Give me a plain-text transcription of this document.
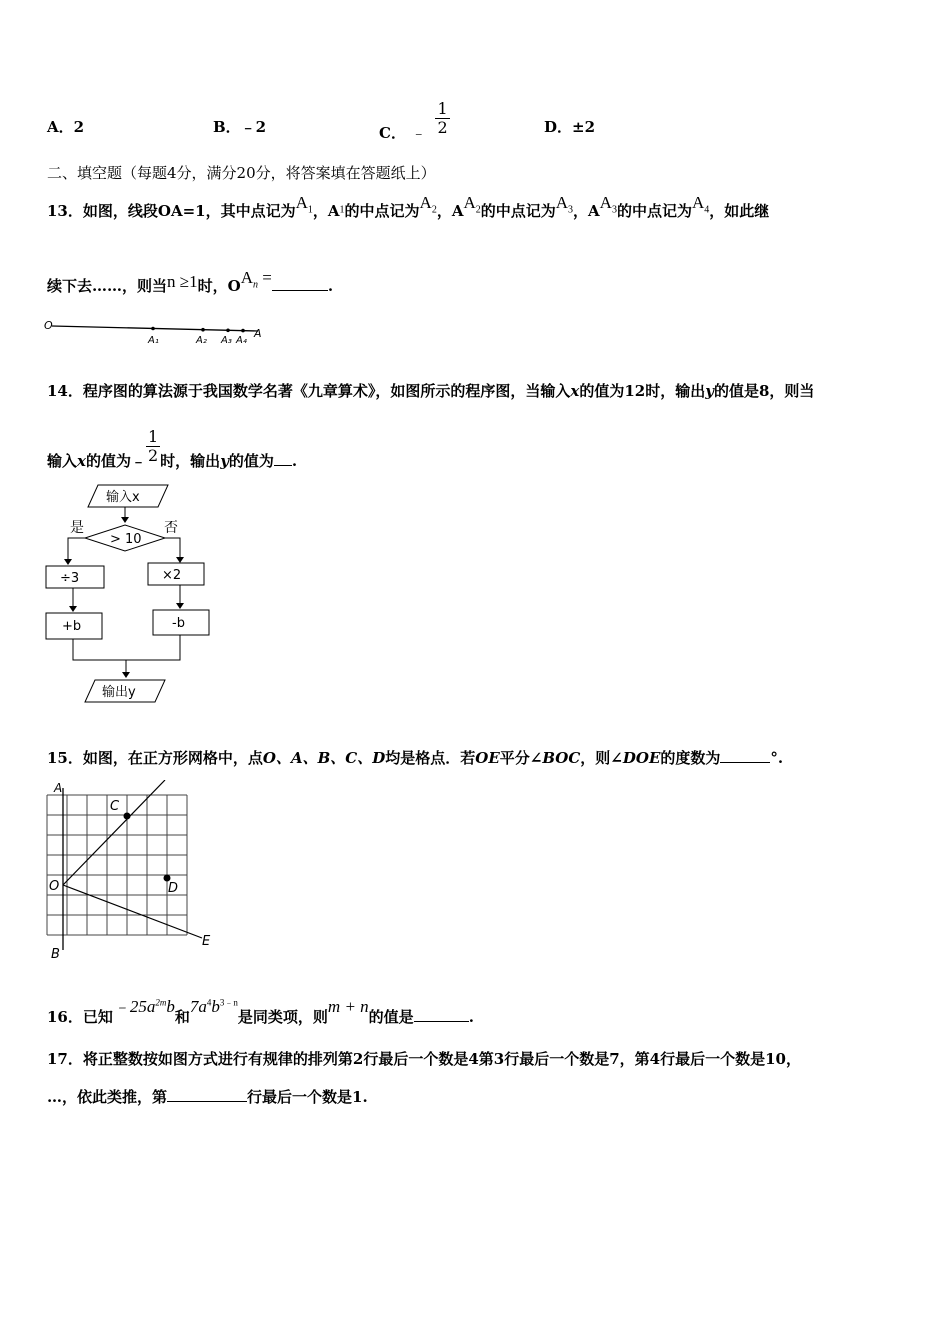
A．2	B．﹣2	C． ﹣ $\frac{1}{2}$	D．±2
二、填空题（每题4分，满分20分，将答案填在答题纸上）
13．如图，线段OA=1，其中点记为$A_1$，$A_1$的中点记为$A_2$，$AA_2$的中点记为$A_3$，$AA_3$的中点记为$A_4$，如此继
续下去……，则当n ≥1时，$OA_n$ =	.
O
A₁	A₂ A₃ A₄
A
14．程序图的算法源于我国数学名著《九章算术》，如图所示的程序图，当输入x的值为12时，输出y的值是8，则当
输入x的值为﹣ $\frac{1}{2}$ 时，输出y的值为 .
输入x
> 10
是	否
÷3	×2
+b	-b
输出y
15．如图，在正方形网格中，点O、A、B、C、D均是格点．若OE平分∠BOC，则∠DOE的度数为	°.
A
C
O	D
B
E
16．已知$﹣25a^{2m}b$和$7a^4b^{3﹣n}$是同类项，则m + n的值是	.
17．将正整数按如图方式进行有规律的排列第2行最后一个数是4第3行最后一个数是7，第4行最后一个数是10，
…，依此类推，第	行最后一个数是1.
